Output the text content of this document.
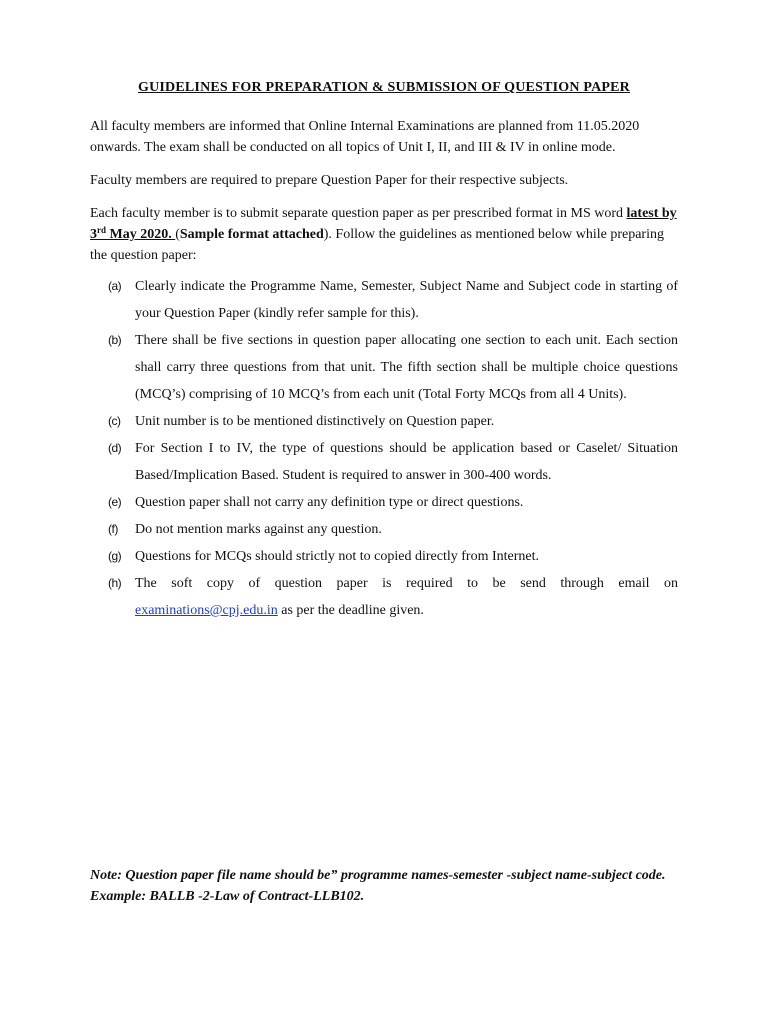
GUIDELINES FOR PREPARATION & SUBMISSION OF QUESTION PAPER

All faculty members are informed that Online Internal Examinations are planned from 11.05.2020 onwards. The exam shall be conducted on all topics of Unit I, II, and III & IV in online mode.

Faculty members are required to prepare Question Paper for their respective subjects.

Each faculty member is to submit separate question paper as per prescribed format in MS word latest by 3rd May 2020. (Sample format attached). Follow the guidelines as mentioned below while preparing the question paper:

(a) Clearly indicate the Programme Name, Semester, Subject Name and Subject code in starting of your Question Paper (kindly refer sample for this).
(b) There shall be five sections in question paper allocating one section to each unit. Each section shall carry three questions from that unit. The fifth section shall be multiple choice questions (MCQ’s) comprising of 10 MCQ’s from each unit (Total Forty MCQs from all 4 Units).
(c) Unit number is to be mentioned distinctively on Question paper.
(d) For Section I to IV, the type of questions should be application based or Caselet/ Situation Based/Implication Based. Student is required to answer in 300-400 words.
(e) Question paper shall not carry any definition type or direct questions.
(f) Do not mention marks against any question.
(g) Questions for MCQs should strictly not to copied directly from Internet.
(h) The soft copy of question paper is required to be send through email on examinations@cpj.edu.in as per the deadline given.

Note: Question paper file name should be” programme names-semester -subject name-subject code. Example: BALLB -2-Law of Contract-LLB102.
